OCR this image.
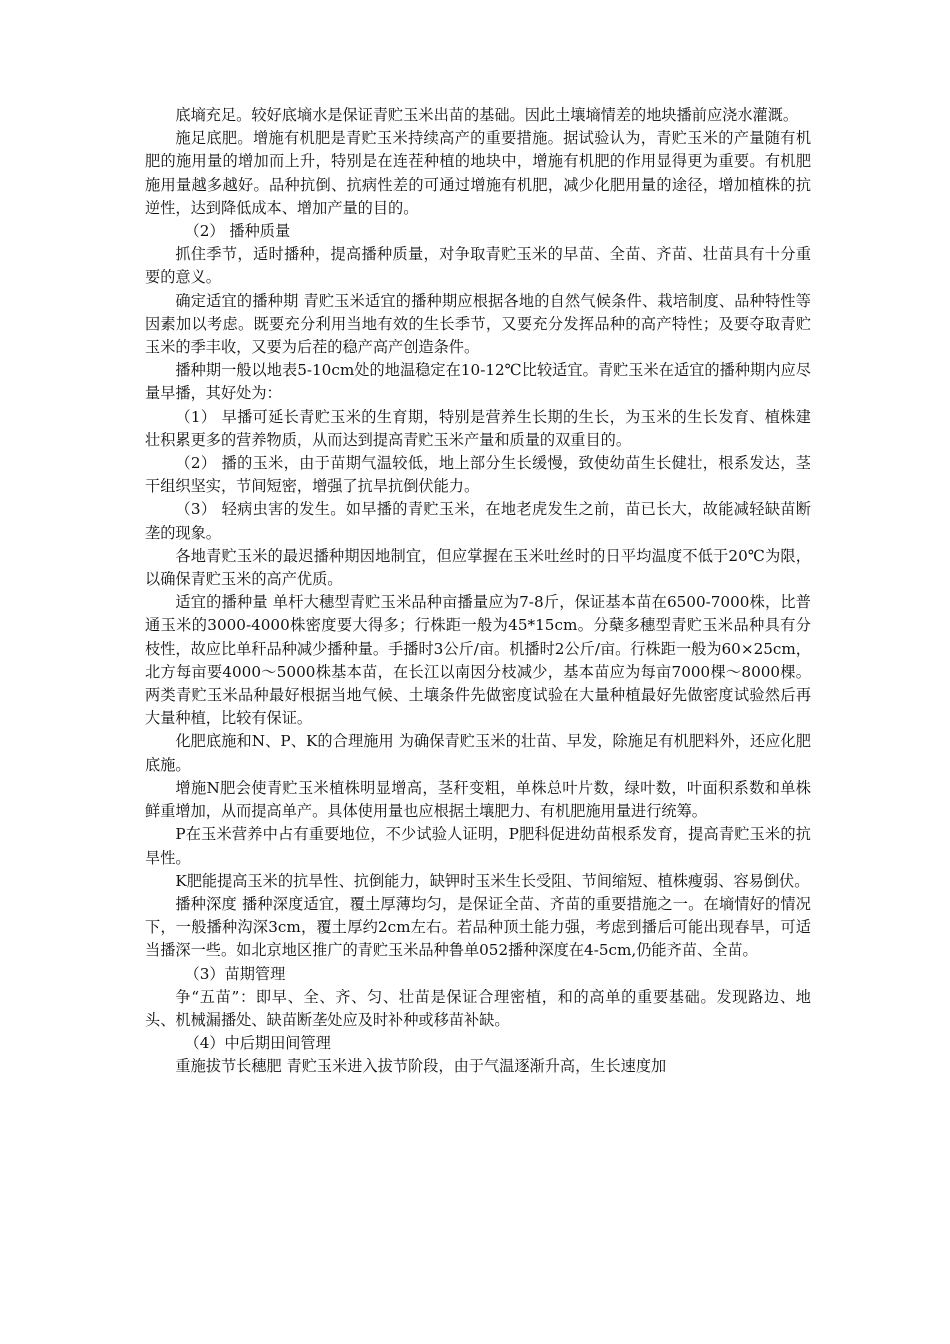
底墒充足。较好底墒水是保证青贮玉米出苗的基础。因此土壤墒情差的地块播前应浇水灌溉。

施足底肥。增施有机肥是青贮玉米持续高产的重要措施。据试验认为，青贮玉米的产量随有机肥的施用量的增加而上升，特别是在连茬种植的地块中，增施有机肥的作用显得更为重要。有机肥施用量越多越好。品种抗倒、抗病性差的可通过增施有机肥，减少化肥用量的途径，增加植株的抗逆性，达到降低成本、增加产量的目的。

（2） 播种质量

抓住季节，适时播种，提高播种质量，对争取青贮玉米的早苗、全苗、齐苗、壮苗具有十分重要的意义。

确定适宜的播种期 青贮玉米适宜的播种期应根据各地的自然气候条件、栽培制度、品种特性等因素加以考虑。既要充分利用当地有效的生长季节，又要充分发挥品种的高产特性；及要夺取青贮玉米的季丰收，又要为后茬的稳产高产创造条件。

播种期一般以地表5-10cm处的地温稳定在10-12℃比较适宜。青贮玉米在适宜的播种期内应尽量早播，其好处为：

（1） 早播可延长青贮玉米的生育期，特别是营养生长期的生长，为玉米的生长发育、植株建壮积累更多的营养物质，从而达到提高青贮玉米产量和质量的双重目的。

（2） 播的玉米，由于苗期气温较低，地上部分生长缓慢，致使幼苗生长健壮，根系发达，茎干组织坚实，节间短密，增强了抗旱抗倒伏能力。

（3） 轻病虫害的发生。如早播的青贮玉米，在地老虎发生之前，苗已长大，故能减轻缺苗断垄的现象。

各地青贮玉米的最迟播种期因地制宜，但应掌握在玉米吐丝时的日平均温度不低于20℃为限，以确保青贮玉米的高产优质。

适宜的播种量 单杆大穗型青贮玉米品种亩播量应为7-8斤，保证基本苗在6500-7000株，比普通玉米的3000-4000株密度要大得多；行株距一般为45*15cm。分蘖多穗型青贮玉米品种具有分枝性，故应比单秆品种减少播种量。手播时3公斤/亩。机播时2公斤/亩。行株距一般为60×25cm，北方每亩要4000～5000株基本苗，在长江以南因分枝减少，基本苗应为每亩7000棵～8000棵。两类青贮玉米品种最好根据当地气候、土壤条件先做密度试验在大量种植最好先做密度试验然后再大量种植，比较有保证。

化肥底施和N、P、K的合理施用 为确保青贮玉米的壮苗、早发，除施足有机肥料外，还应化肥底施。

增施N肥会使青贮玉米植株明显增高，茎秆变粗，单株总叶片数，绿叶数，叶面积系数和单株鲜重增加，从而提高单产。具体使用量也应根据土壤肥力、有机肥施用量进行统筹。

P在玉米营养中占有重要地位，不少试验人证明，P肥科促进幼苗根系发育，提高青贮玉米的抗旱性。

K肥能提高玉米的抗旱性、抗倒能力，缺钾时玉米生长受阻、节间缩短、植株瘦弱、容易倒伏。

播种深度 播种深度适宜，覆土厚薄均匀，是保证全苗、齐苗的重要措施之一。在墒情好的情况下，一般播种沟深3cm，覆土厚约2cm左右。若品种顶土能力强，考虑到播后可能出现春旱，可适当播深一些。如北京地区推广的青贮玉米品种鲁单052播种深度在4-5cm,仍能齐苗、全苗。

（3）苗期管理

争“五苗”：即早、全、齐、匀、壮苗是保证合理密植，和的高单的重要基础。发现路边、地头、机械漏播处、缺苗断垄处应及时补种或移苗补缺。

（4）中后期田间管理

重施拔节长穗肥 青贮玉米进入拔节阶段，由于气温逐渐升高，生长速度加
